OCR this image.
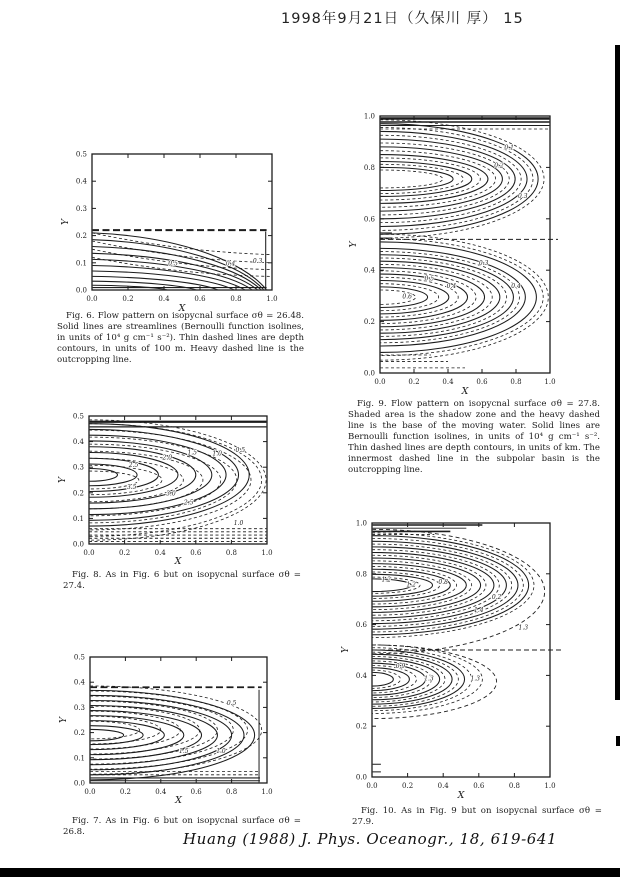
1998年9月21日（久保川 厚） 15
0.0	0.2	0.4	0.6	0.8	1.0
0.5
0.4
0.3
0.2
0.1
0.0
X
Y
0.5	0.4	0.3

Fig. 6. Flow pattern on isopycnal surface σθ = 26.48. Solid lines are streamlines (Bernoulli function isolines, in units of 10⁴ g cm⁻¹ s⁻²). Thin dashed lines are depth contours, in units of 100 m. Heavy dashed line is the outcropping line.

0.0	0.2	0.4	0.6	0.8	1.0
0.5
0.4
0.3
0.2
0.1
0.0
X
Y
2.5
2.0
1.5	1.0
0.5
3.5
3.0
2.5
1.0

Fig. 8. As in Fig. 6 but on isopycnal surface σθ = 27.4.

0.0	0.2	0.4	0.6	0.8	1.0
0.5
0.4
0.3
0.2
0.1
0.0
X
Y
0.5
1.5	1.0

Fig. 7. As in Fig. 6 but on isopycnal surface σθ = 26.8.

0.0	0.2	0.4	0.6	0.8	1.0
1.0
0.8
0.6
0.4
0.2
0.0
X
Y
0.1
0.2
0.3
0.3
0.5
0.4
0.6
0.4

Fig. 9. Flow pattern on isopycnal surface σθ = 27.8. Shaded area is the shadow zone and the heavy dashed line is the base of the moving water. Solid lines are Bernoulli function isolines, in units of 10⁴ g cm⁻¹ s⁻². Thin dashed lines are depth contours, in units of km. The innermost dashed line in the subpolar basin is the outcropping line.

0.0	0.2	0.4	0.6	0.8	1.0
1.0
0.8
0.6
0.4
0.2
0.0
X
Y
1.2
1.2	0.8
0.2
1.4
1.3
0.9
1.3	1.3

Fig. 10. As in Fig. 9 but on isopycnal surface σθ = 27.9.

Huang (1988) J. Phys. Oceanogr., 18, 619-641
